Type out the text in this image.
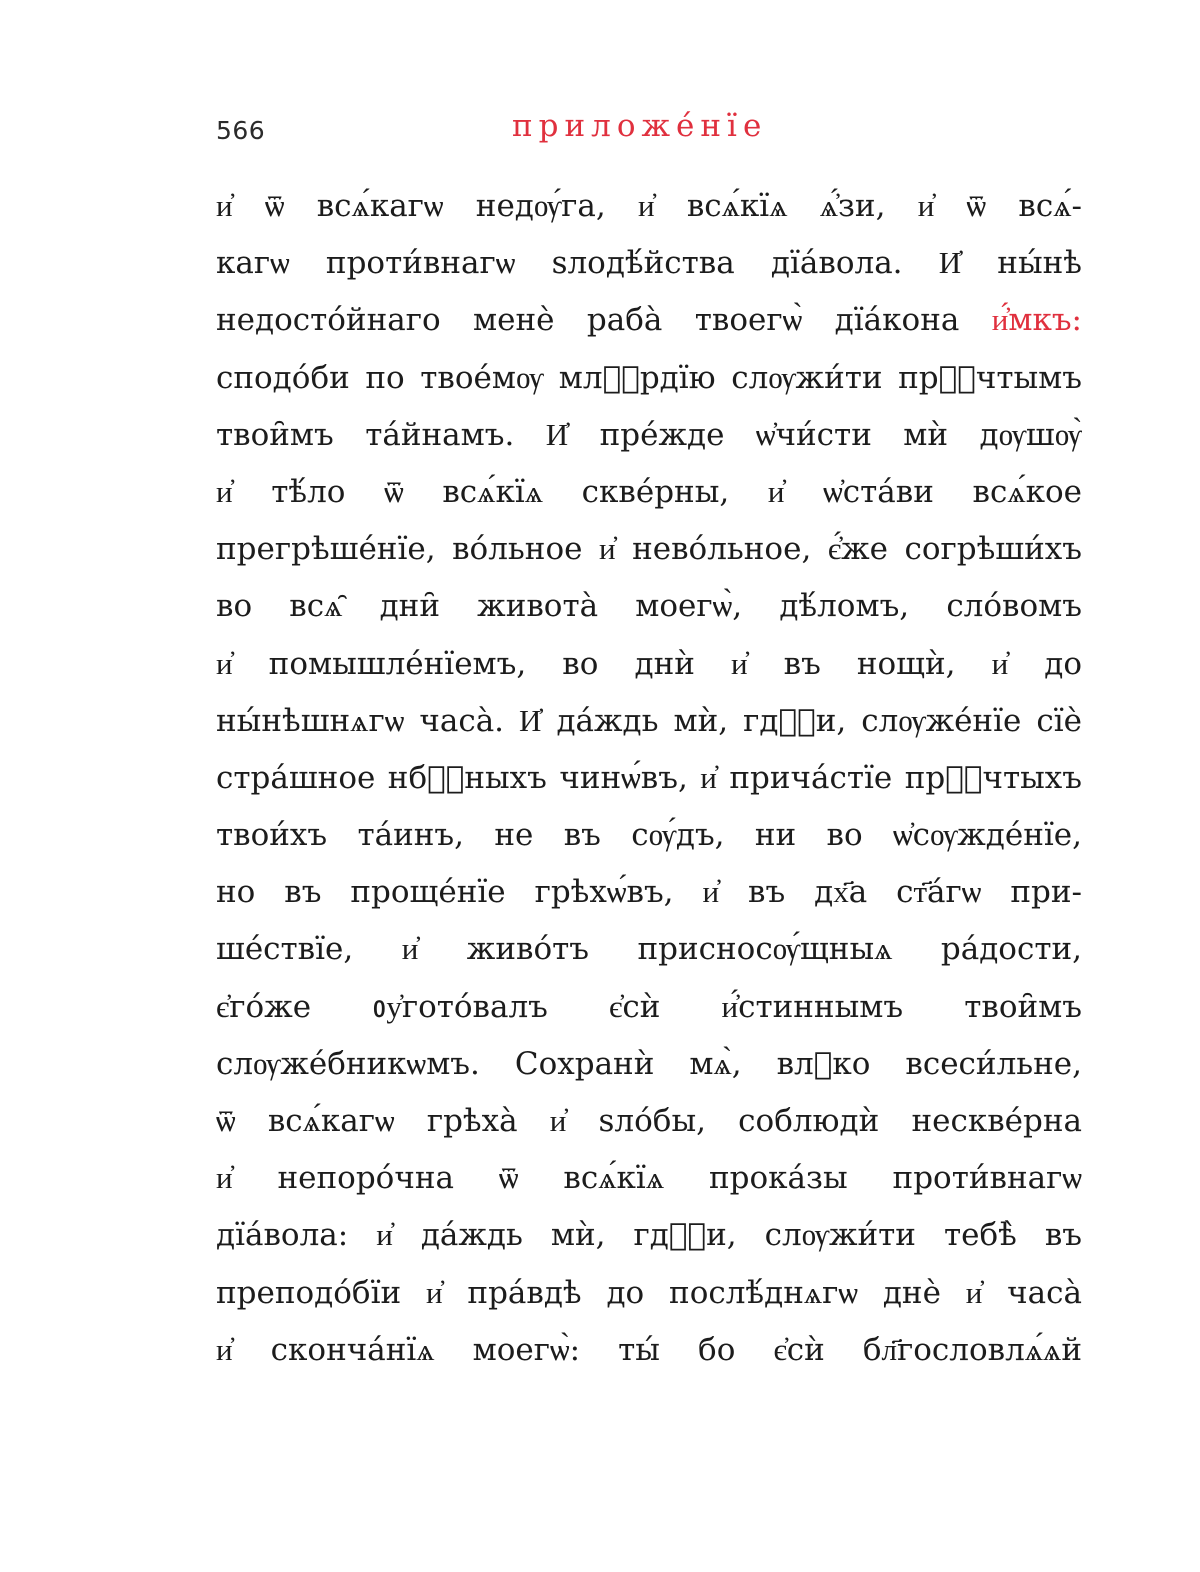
566	приложе́нїе
и҆ ѿ всѧ́кагѡ недѹ́га, и҆ всѧ́кїѧ ѧ҆́зи, и҆ ѿ всѧ́-
кагѡ проти́внагѡ ѕлодѣ́йства дїа́вола. И҆ ны́нѣ
недостóйнаго менѐ раба̀ твоегѡ̀ дїа́кона и҆́мкъ:
сподо́би по твое́мѹ млⷭ҇рдїю слѹжи́ти прⷭ҇чтымъ
твои̑мъ та́йнамъ. И҆ пре́жде ѡ҆чи́сти мѝ дѹшѹ̀
и҆ тѣ́ло ѿ всѧ́кїѧ скве́рны, и҆ ѡ҆ста́ви всѧ́кое
прегрѣше́нїе, во́льное и҆ нево́льное, є҆́же согрѣши́хъ
во всѧ̑ дни̑ живота̀ моегѡ̀, дѣ́ломъ, сло́вомъ
и҆ помышле́нїемъ, во днѝ и҆ въ нощѝ, и҆ до
ны́нѣшнѧгѡ часа̀. И҆ да́ждь мѝ, гдⷭ҇и, слѹже́нїе сїѐ
стра́шное нбⷭ҇ныхъ чинѡ́въ, и҆ прича́стїе прⷭ҇чтыхъ
твои́хъ та́инъ, не въ сѹ́дъ, ни во ѡ҆сѹжде́нїе,
но въ проще́нїе грѣхѡ́въ, и҆ въ дх҃а ст҃а́гѡ при-
ше́ствїе, и҆ живо́тъ присносѹ́щныѧ ра́дости,
є҆го́же ᲂу҆гото́валъ є҆сѝ и҆́стиннымъ твои̑мъ
слѹже́бникѡмъ. Сохранѝ мѧ̀, влⷣко всеси́льне,
ѿ всѧ́кагѡ грѣха̀ и҆ ѕло́бы, соблюдѝ нескве́рна
и҆ непоро́чна ѿ всѧ́кїѧ прока́зы проти́внагѡ
дїа́вола: и҆ да́ждь мѝ, гдⷭ҇и, слѹжи́ти тебѣ̀ въ
преподо́бїи и҆ пра́вдѣ до послѣ́днѧгѡ днѐ и҆ часа̀
и҆ сконча́нїѧ моегѡ̀: ты́ бо є҆сѝ бл҃гословлѧ́ѧй
